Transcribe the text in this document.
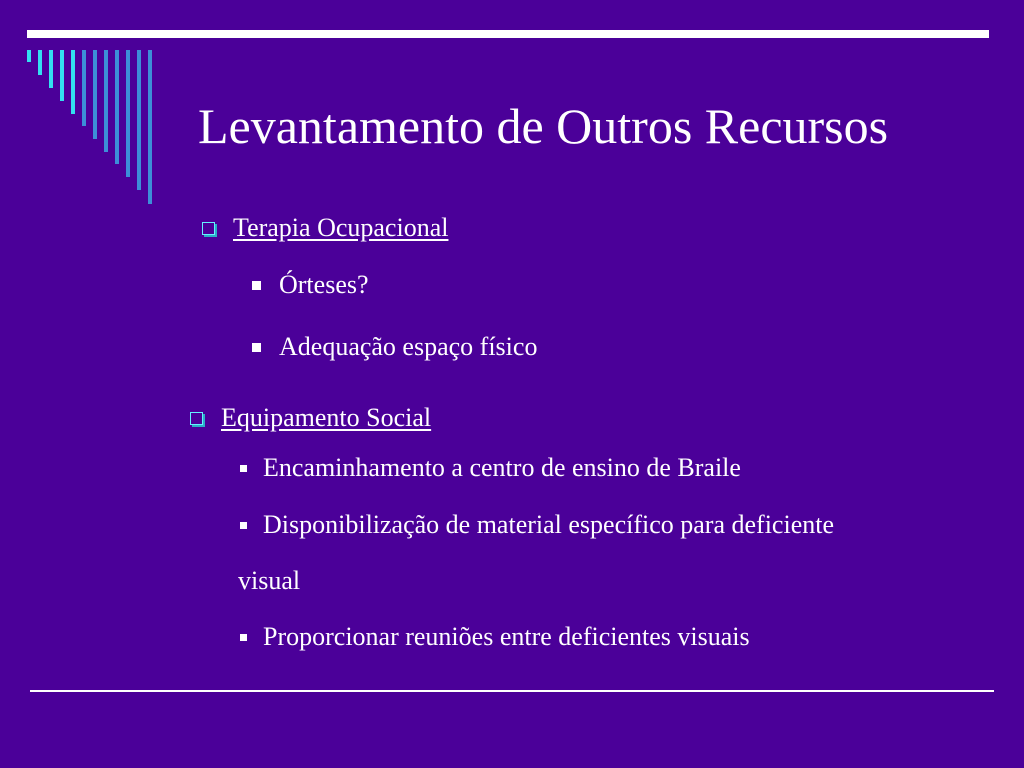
Levantamento de Outros Recursos
Terapia Ocupacional
Órteses?
Adequação espaço físico
Equipamento Social
Encaminhamento a centro de ensino de Braile
Disponibilização de material específico para deficiente
visual
Proporcionar reuniões entre deficientes visuais
